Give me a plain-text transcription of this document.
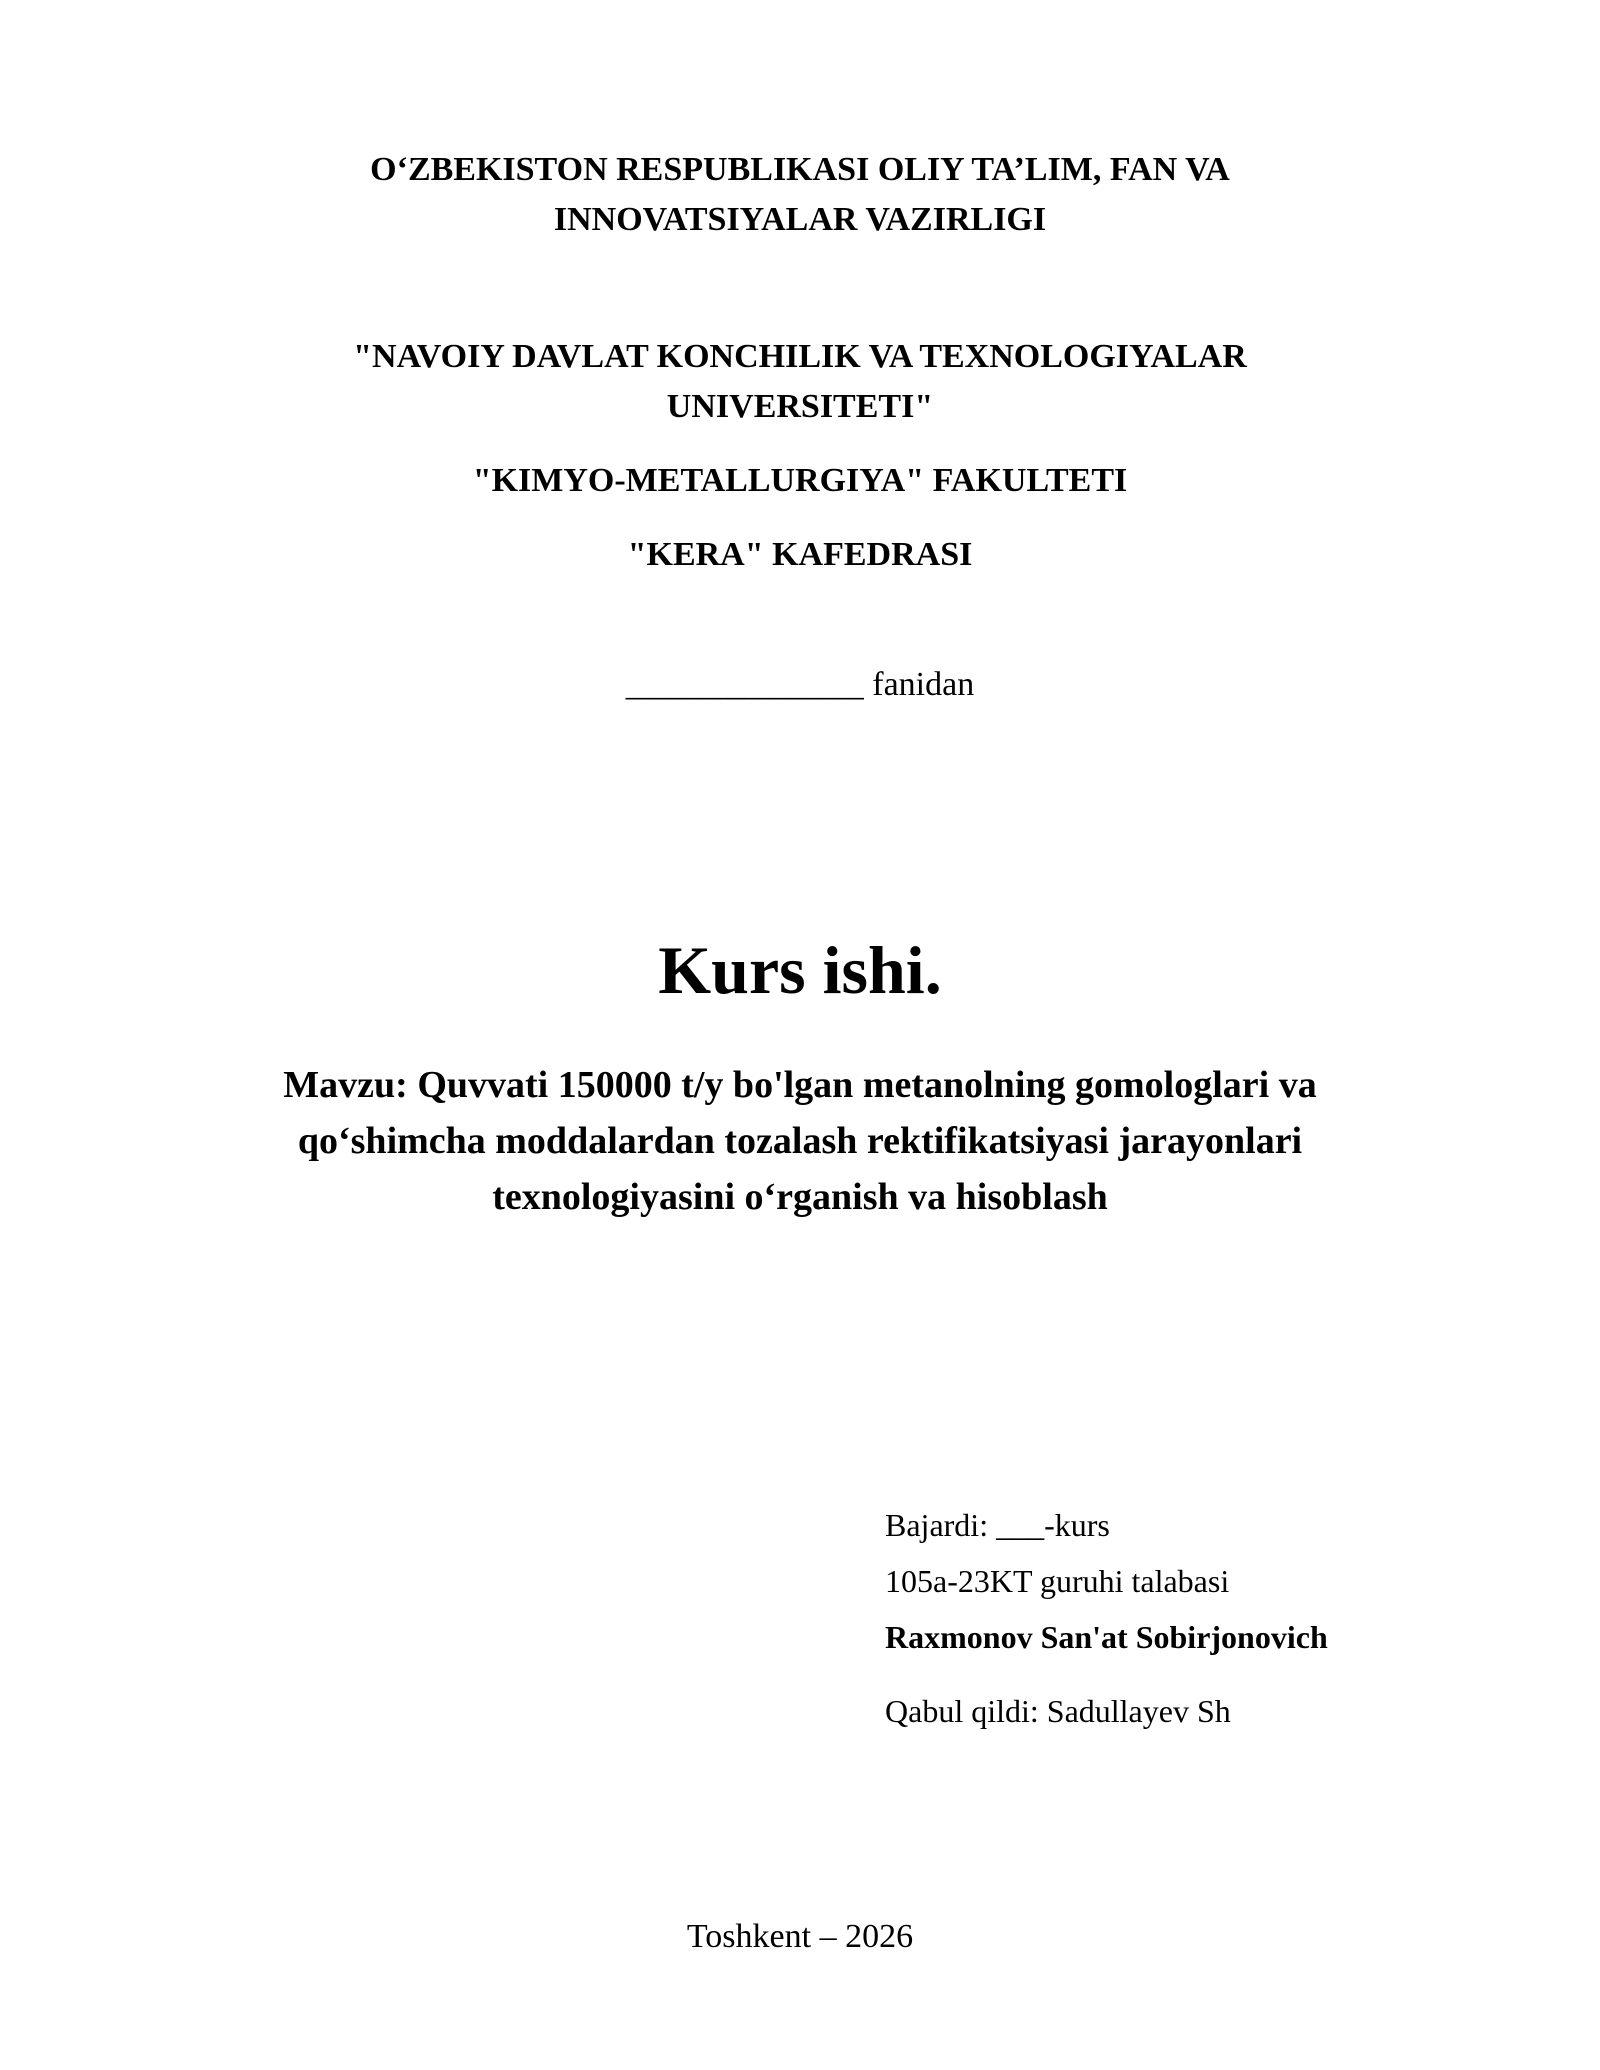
O‘ZBEKISTON RESPUBLIKASI OLIY TA’LIM, FAN VA
INNOVATSIYALAR VAZIRLIGI
"NAVOIY DAVLAT KONCHILIK VA TEXNOLOGIYALAR
UNIVERSITETI"
"KIMYO-METALLURGIYA" FAKULTETI
"KERA" KAFEDRASI
______________ fanidan
Kurs ishi.
Mavzu: Quvvati 150000 t/y bo'lgan metanolning gomologlari va
qo‘shimcha moddalardan tozalash rektifikatsiyasi jarayonlari
texnologiyasini o‘rganish va hisoblash
Bajardi: ___-kurs
105a-23KT guruhi talabasi
Raxmonov San'at Sobirjonovich
Qabul qildi: Sadullayev Sh
Toshkent – 2026
